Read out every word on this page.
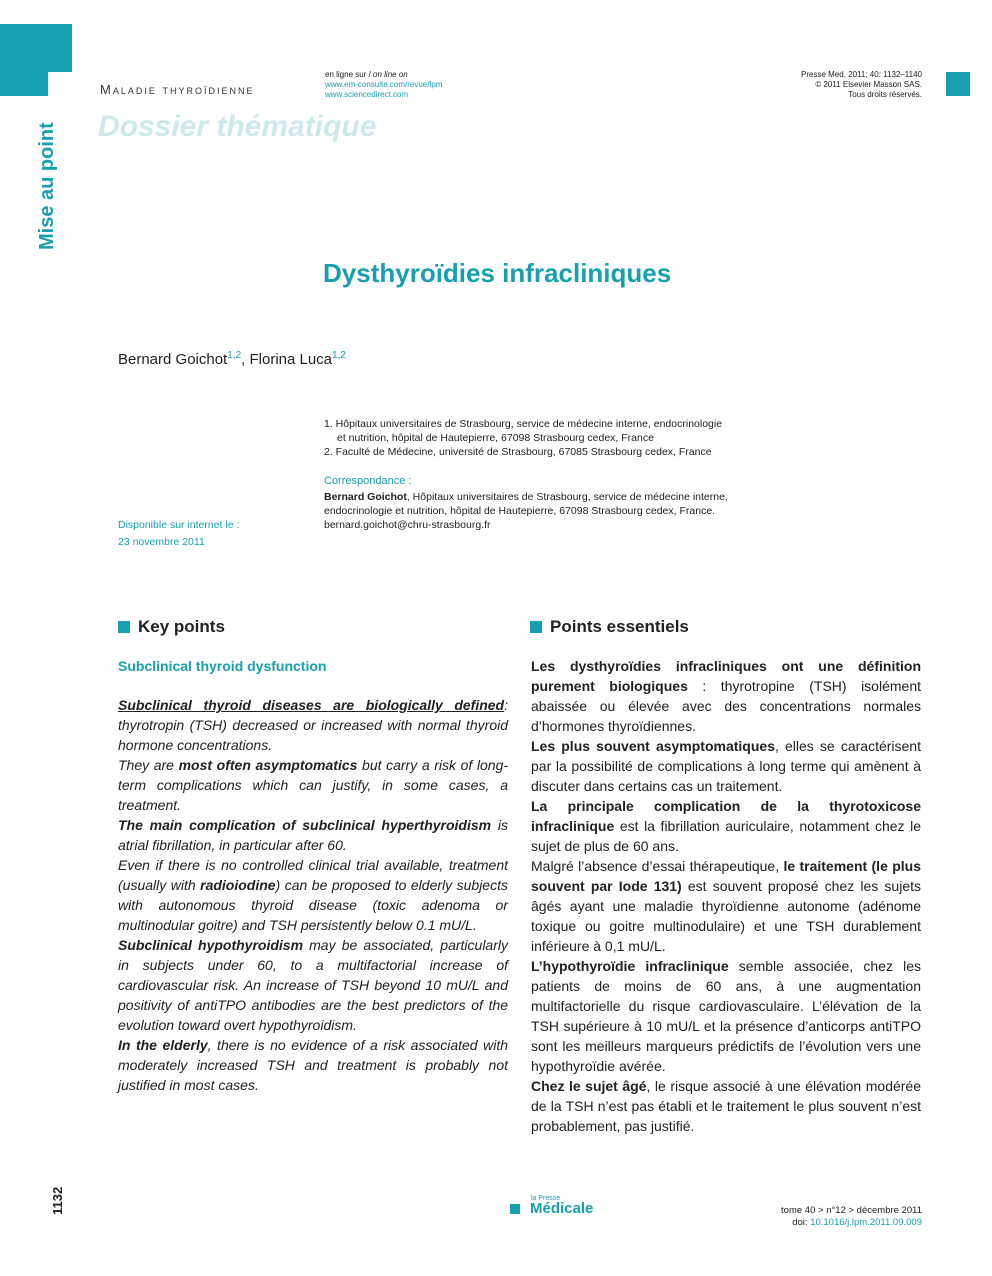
Maladie thyroïdienne
Dossier thématique
Mise au point
en ligne sur / on line on
www.em-consulte.com/revue/lpm
www.sciencedirect.com
Presse Med. 2011; 40: 1132–1140
© 2011 Elsevier Masson SAS.
Tous droits réservés.
Dysthyroïdies infracliniques
Bernard Goichot$^{1,2}$, Florina Luca$^{1,2}$
1. Hôpitaux universitaires de Strasbourg, service de médecine interne, endocrinologie
et nutrition, hôpital de Hautepierre, 67098 Strasbourg cedex, France
2. Faculté de Médecine, université de Strasbourg, 67085 Strasbourg cedex, France
Correspondance :
Bernard Goichot, Hôpitaux universitaires de Strasbourg, service de médecine interne, endocrinologie et nutrition, hôpital de Hautepierre, 67098 Strasbourg cedex, France.
bernard.goichot@chru-strasbourg.fr
Disponible sur internet le :
23 novembre 2011
Key points	Points essentiels
Subclinical thyroid dysfunction

Subclinical thyroid diseases are biologically defined: thyrotropin (TSH) decreased or increased with normal thyroid hormone concentrations.

They are most often asymptomatics but carry a risk of long-term complications which can justify, in some cases, a treatment.

The main complication of subclinical hyperthyroidism is atrial fibrillation, in particular after 60.

Even if there is no controlled clinical trial available, treatment (usually with radioiodine) can be proposed to elderly subjects with autonomous thyroid disease (toxic adenoma or multinodular goitre) and TSH persistently below 0.1 mU/L.

Subclinical hypothyroidism may be associated, particularly in subjects under 60, to a multifactorial increase of cardiovascular risk. An increase of TSH beyond 10 mU/L and positivity of antiTPO antibodies are the best predictors of the evolution toward overt hypothyroidism.

In the elderly, there is no evidence of a risk associated with moderately increased TSH and treatment is probably not justified in most cases.

Les dysthyroïdies infracliniques ont une définition purement biologiques : thyrotropine (TSH) isolément abaissée ou élevée avec des concentrations normales d’hormones thyroïdiennes.

Les plus souvent asymptomatiques, elles se caractérisent par la possibilité de complications à long terme qui amènent à discuter dans certains cas un traitement.

La principale complication de la thyrotoxicose infraclinique est la fibrillation auriculaire, notamment chez le sujet de plus de 60 ans.

Malgré l’absence d’essai thérapeutique, le traitement (le plus souvent par Iode 131) est souvent proposé chez les sujets âgés ayant une maladie thyroïdienne autonome (adénome toxique ou goitre multinodulaire) et une TSH durablement inférieure à 0,1 mU/L.

L’hypothyroïdie infraclinique semble associée, chez les patients de moins de 60 ans, à une augmentation multifactorielle du risque cardiovasculaire. L’élévation de la TSH supérieure à 10 mU/L et la présence d’anticorps antiTPO sont les meilleurs marqueurs prédictifs de l’évolution vers une hypothyroïdie avérée.

Chez le sujet âgé, le risque associé à une élévation modérée de la TSH n’est pas établi et le traitement le plus souvent n’est probablement, pas justifié.

1132	la Presse
Médicale	tome 40 > n°12 > décembre 2011
doi: 10.1016/j.lpm.2011.09.009
